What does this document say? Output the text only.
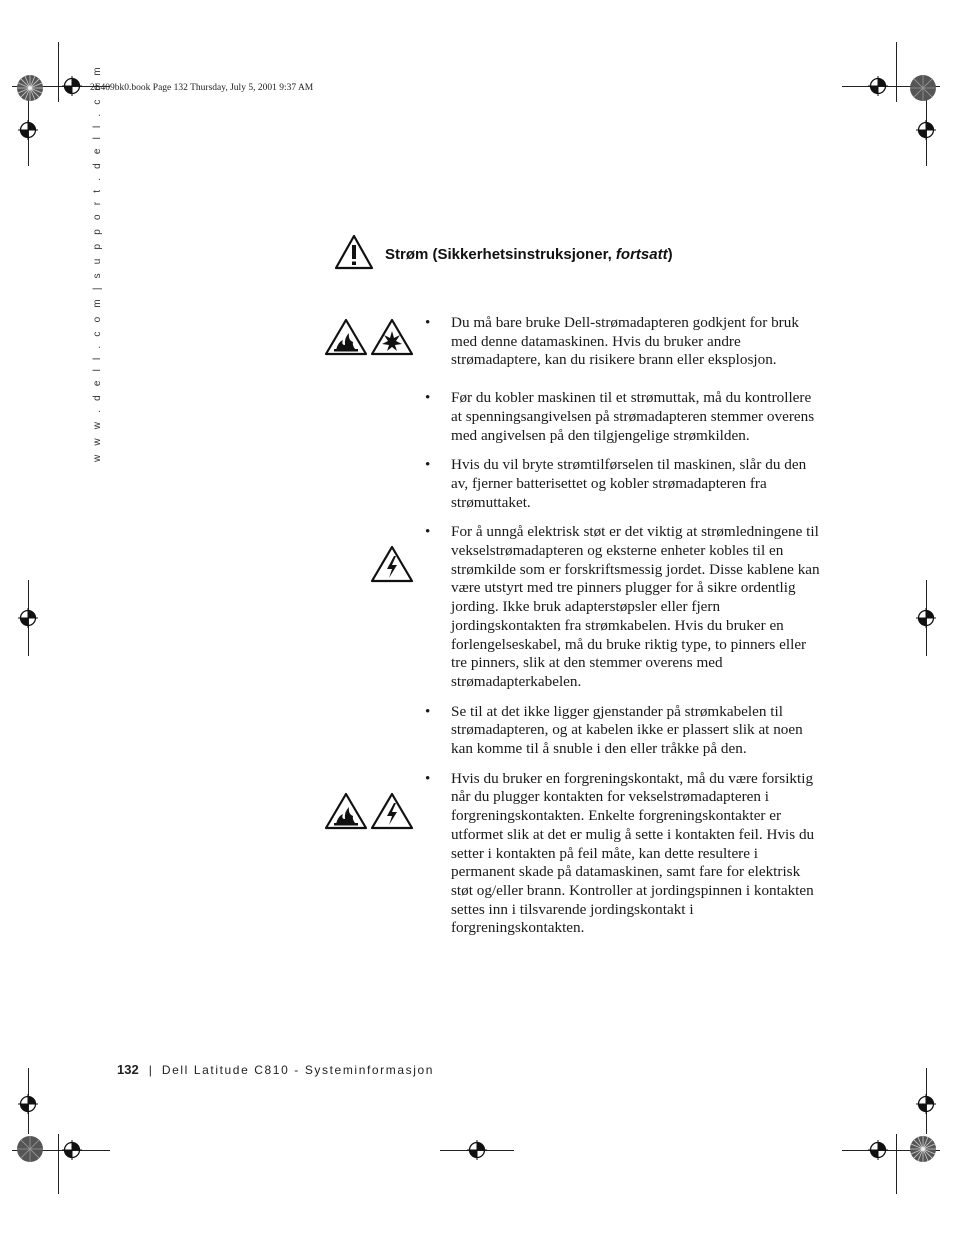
2E409bk0.book Page 132 Thursday, July 5, 2001 9:37 AM
w w w . d e l l . c o m | s u p p o r t . d e l l . c o m	Strøm (Sikkerhetsinstruksjoner, fortsatt)
• Du må bare bruke Dell-strømadapteren godkjent for bruk med denne datamaskinen. Hvis du bruker andre strømadaptere, kan du risikere brann eller eksplosjon.
• Før du kobler maskinen til et strømuttak, må du kontrollere at spenningsangivelsen på strømadapteren stemmer overens med angivelsen på den tilgjengelige strømkilden.
• Hvis du vil bryte strømtilførselen til maskinen, slår du den av, fjerner batterisettet og kobler strømadapteren fra strømuttaket.
• For å unngå elektrisk støt er det viktig at strømledningene til vekselstrømadapteren og eksterne enheter kobles til en strømkilde som er forskriftsmessig jordet. Disse kablene kan være utstyrt med tre pinners plugger for å sikre ordentlig jording. Ikke bruk adapterstøpsler eller fjern jordingskontakten fra strømkabelen. Hvis du bruker en forlengelseskabel, må du bruke riktig type, to pinners eller tre pinners, slik at den stemmer overens med strømadapterkabelen.
• Se til at det ikke ligger gjenstander på strømkabelen til strømadapteren, og at kabelen ikke er plassert slik at noen kan komme til å snuble i den eller tråkke på den.
• Hvis du bruker en forgreningskontakt, må du være forsiktig når du plugger kontakten for vekselstrømadapteren i forgreningskontakten. Enkelte forgreningskontakter er utformet slik at det er mulig å sette i kontakten feil. Hvis du setter i kontakten på feil måte, kan dette resultere i permanent skade på datamaskinen, samt fare for elektrisk støt og/eller brann. Kontroller at jordingspinnen i kontakten settes inn i tilsvarende jordingskontakt i forgreningskontakten.
132 | Dell Latitude C810 - Systeminformasjon
